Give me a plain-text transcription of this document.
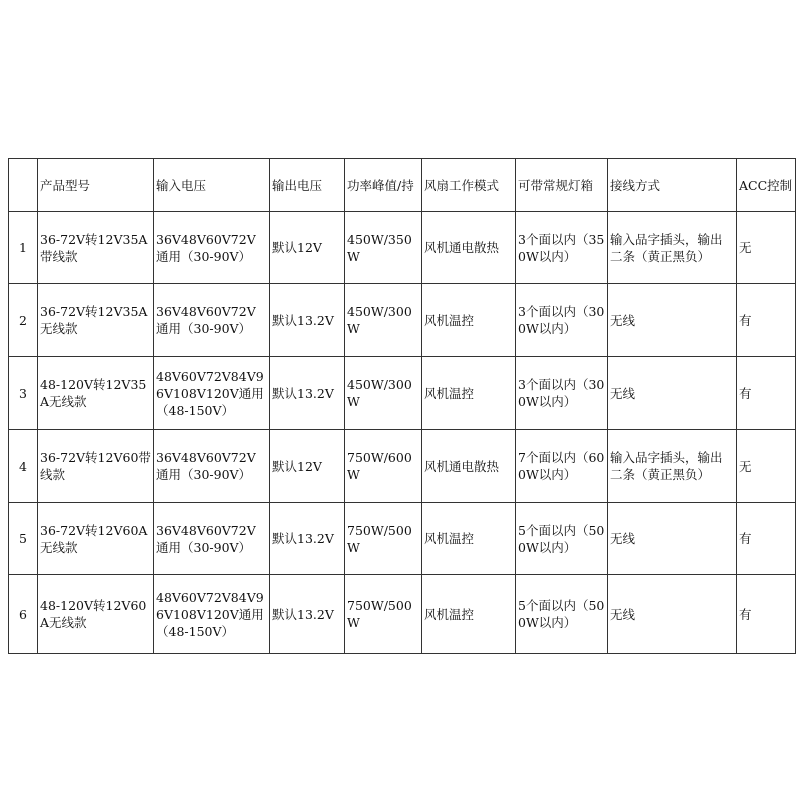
	产品型号	输入电压	输出电压	功率峰值/持	风扇工作模式	可带常规灯箱	接线方式	ACC控制
1	36-72V转12V35A带线款	36V48V60V72V通用（30-90V）	默认12V	450W/350W	风机通电散热	3个面以内（350W以内）	输入品字插头，输出二条（黄正黑负）	无
2	36-72V转12V35A无线款	36V48V60V72V通用（30-90V）	默认13.2V	450W/300W	风机温控	3个面以内（300W以内）	无线	有
3	48-120V转12V35A无线款	48V60V72V84V96V108V120V通用（48-150V）	默认13.2V	450W/300W	风机温控	3个面以内（300W以内）	无线	有
4	36-72V转12V60带线款	36V48V60V72V通用（30-90V）	默认12V	750W/600W	风机通电散热	7个面以内（600W以内）	输入品字插头，输出二条（黄正黑负）	无
5	36-72V转12V60A无线款	36V48V60V72V通用（30-90V）	默认13.2V	750W/500W	风机温控	5个面以内（500W以内）	无线	有
6	48-120V转12V60A无线款	48V60V72V84V96V108V120V通用（48-150V）	默认13.2V	750W/500W	风机温控	5个面以内（500W以内）	无线	有
